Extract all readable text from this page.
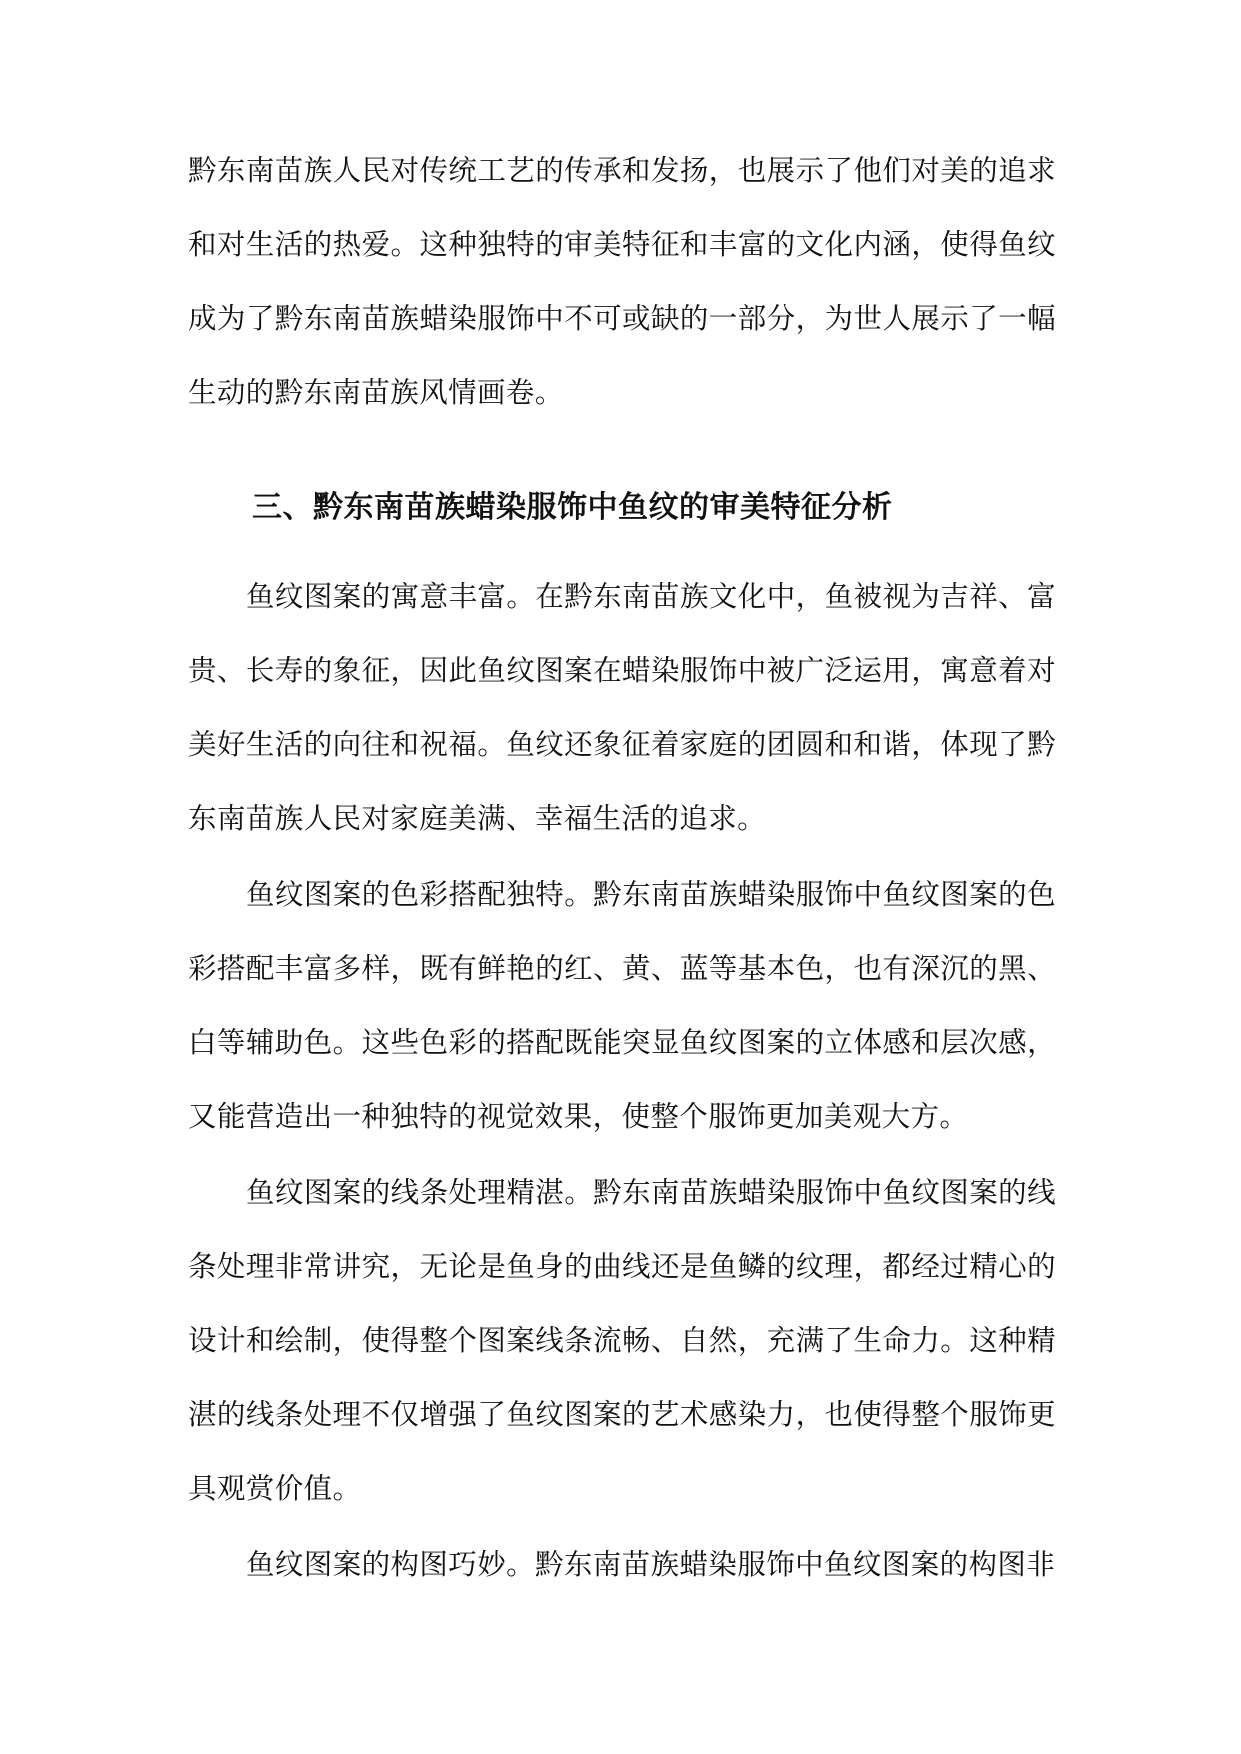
黔东南苗族人民对传统工艺的传承和发扬，也展示了他们对美的追求和对生活的热爱。这种独特的审美特征和丰富的文化内涵，使得鱼纹成为了黔东南苗族蜡染服饰中不可或缺的一部分，为世人展示了一幅生动的黔东南苗族风情画卷。
三、黔东南苗族蜡染服饰中鱼纹的审美特征分析
鱼纹图案的寓意丰富。在黔东南苗族文化中，鱼被视为吉祥、富贵、长寿的象征，因此鱼纹图案在蜡染服饰中被广泛运用，寓意着对美好生活的向往和祝福。鱼纹还象征着家庭的团圆和和谐，体现了黔东南苗族人民对家庭美满、幸福生活的追求。
鱼纹图案的色彩搭配独特。黔东南苗族蜡染服饰中鱼纹图案的色彩搭配丰富多样，既有鲜艳的红、黄、蓝等基本色，也有深沉的黑、白等辅助色。这些色彩的搭配既能突显鱼纹图案的立体感和层次感，又能营造出一种独特的视觉效果，使整个服饰更加美观大方。
鱼纹图案的线条处理精湛。黔东南苗族蜡染服饰中鱼纹图案的线条处理非常讲究，无论是鱼身的曲线还是鱼鳞的纹理，都经过精心的设计和绘制，使得整个图案线条流畅、自然，充满了生命力。这种精湛的线条处理不仅增强了鱼纹图案的艺术感染力，也使得整个服饰更具观赏价值。
鱼纹图案的构图巧妙。黔东南苗族蜡染服饰中鱼纹图案的构图非
